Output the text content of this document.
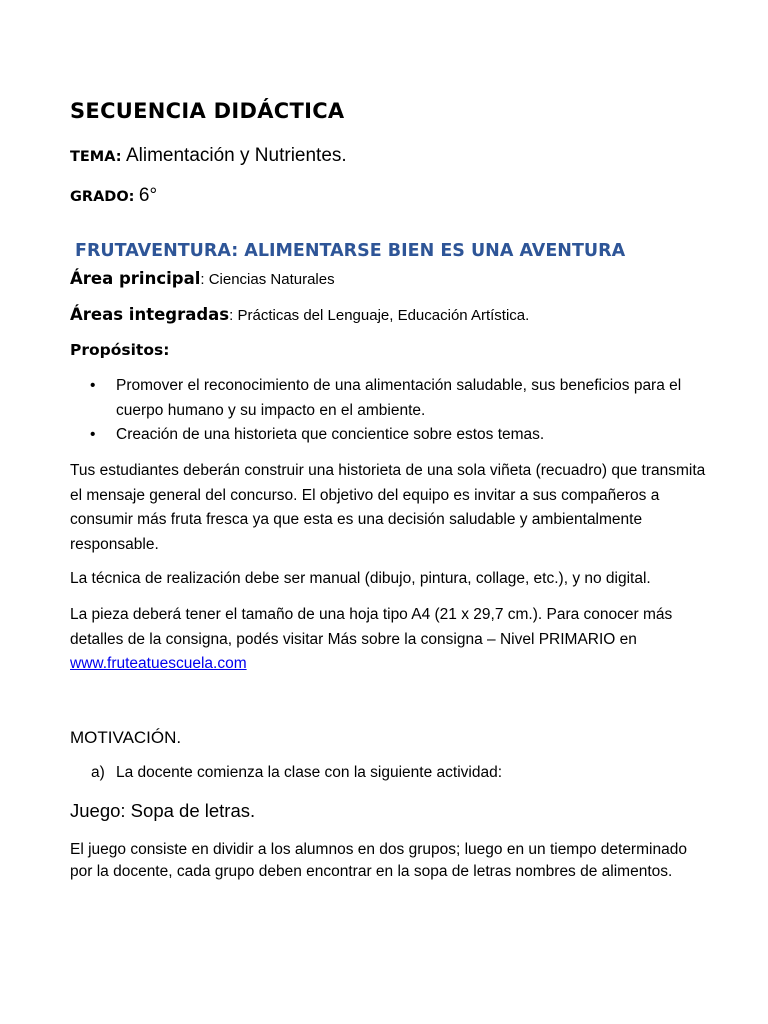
SECUENCIA DIDÁCTICA
TEMA: Alimentación y Nutrientes.
GRADO: 6°
FRUTAVENTURA: ALIMENTARSE BIEN ES UNA AVENTURA
Área principal: Ciencias Naturales
Áreas integradas: Prácticas del Lenguaje, Educación Artística.
Propósitos:
• Promover el reconocimiento de una alimentación saludable, sus beneficios para el cuerpo humano y su impacto en el ambiente.
• Creación de una historieta que concientice sobre estos temas.
Tus estudiantes deberán construir una historieta de una sola viñeta (recuadro) que transmita el mensaje general del concurso. El objetivo del equipo es invitar a sus compañeros a consumir más fruta fresca ya que esta es una decisión saludable y ambientalmente responsable.
La técnica de realización debe ser manual (dibujo, pintura, collage, etc.), y no digital.
La pieza deberá tener el tamaño de una hoja tipo A4 (21 x 29,7 cm.). Para conocer más detalles de la consigna, podés visitar Más sobre la consigna – Nivel PRIMARIO en
www.fruteatuescuela.com
MOTIVACIÓN.
a) La docente comienza la clase con la siguiente actividad:
Juego: Sopa de letras.
El juego consiste en dividir a los alumnos en dos grupos; luego en un tiempo determinado por la docente, cada grupo deben encontrar en la sopa de letras nombres de alimentos.
